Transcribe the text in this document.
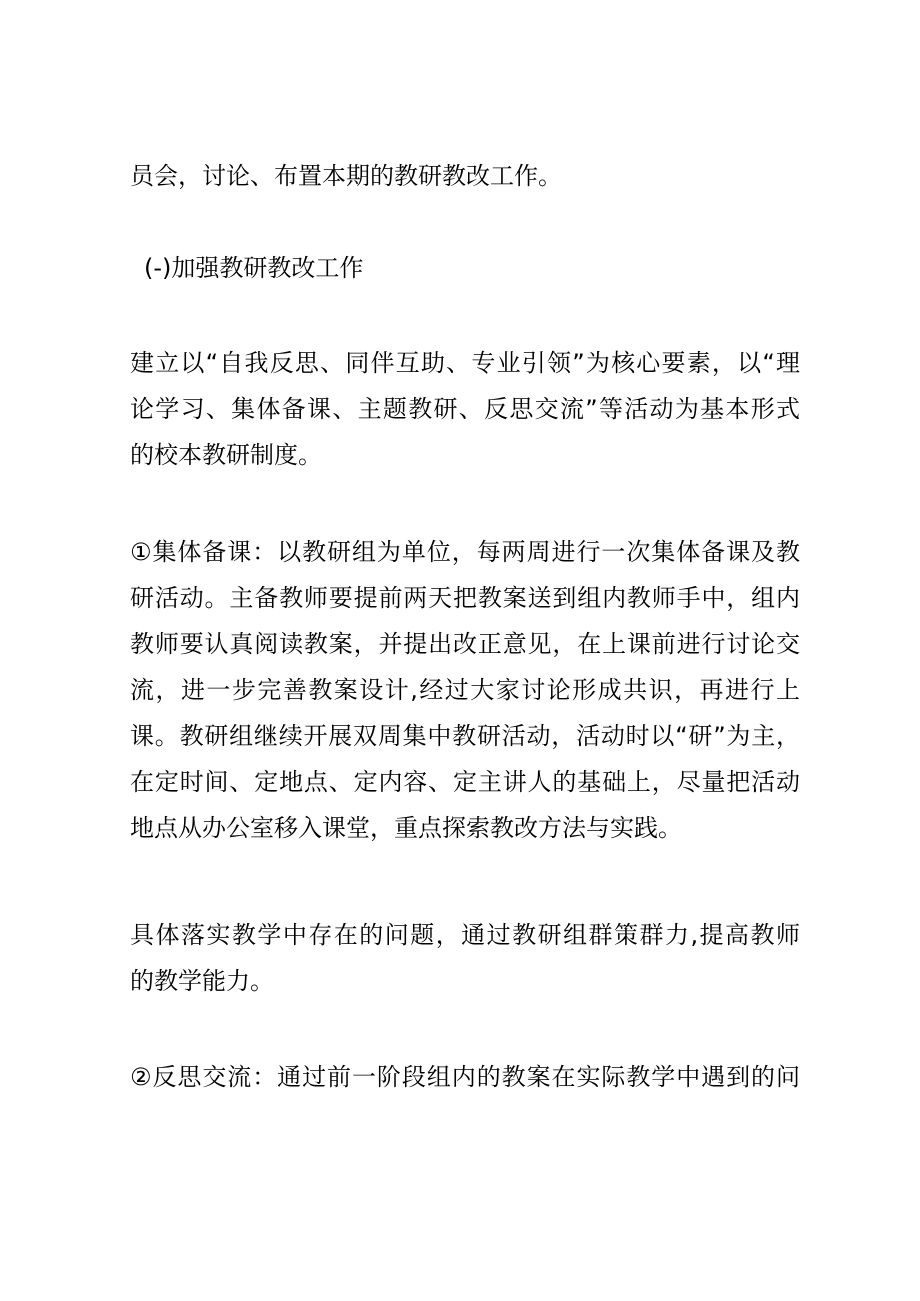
员会，讨论、布置本期的教研教改工作。

(-)加强教研教改工作

建立以“自我反思、同伴互助、专业引领”为核心要素，以“理
论学习、集体备课、主题教研、反思交流”等活动为基本形式
的校本教研制度。

①集体备课：以教研组为单位，每两周进行一次集体备课及教
研活动。主备教师要提前两天把教案送到组内教师手中，组内
教师要认真阅读教案，并提出改正意见，在上课前进行讨论交
流，进一步完善教案设计,经过大家讨论形成共识，再进行上
课。教研组继续开展双周集中教研活动，活动时以“研”为主，
在定时间、定地点、定内容、定主讲人的基础上，尽量把活动
地点从办公室移入课堂，重点探索教改方法与实践。

具体落实教学中存在的问题，通过教研组群策群力,提高教师
的教学能力。

②反思交流：通过前一阶段组内的教案在实际教学中遇到的问
